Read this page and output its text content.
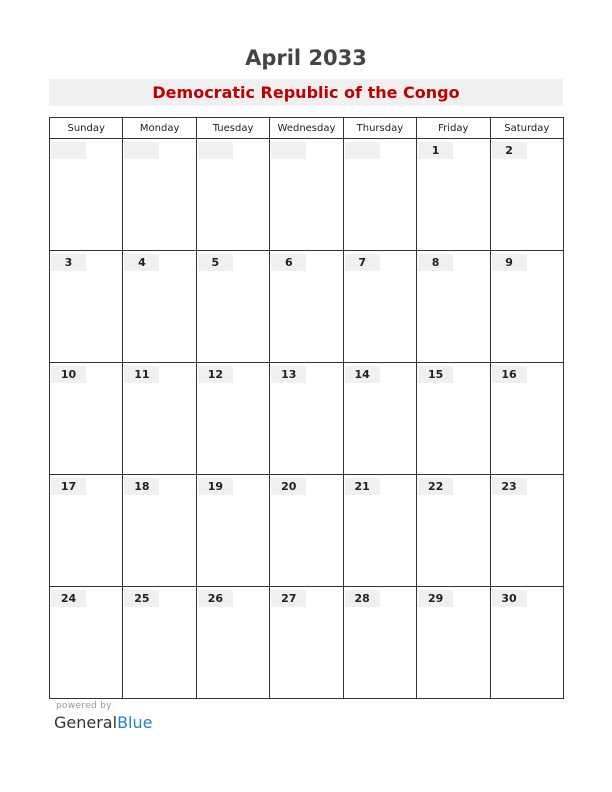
April 2033
Democratic Republic of the Congo
Sunday	Monday	Tuesday	Wednesday	Thursday	Friday	Saturday

					1	2

3	4	5	6	7	8	9

10	11	12	13	14	15	16

17	18	19	20	21	22	23

24	25	26	27	28	29	30
powered by
GeneralBlue
